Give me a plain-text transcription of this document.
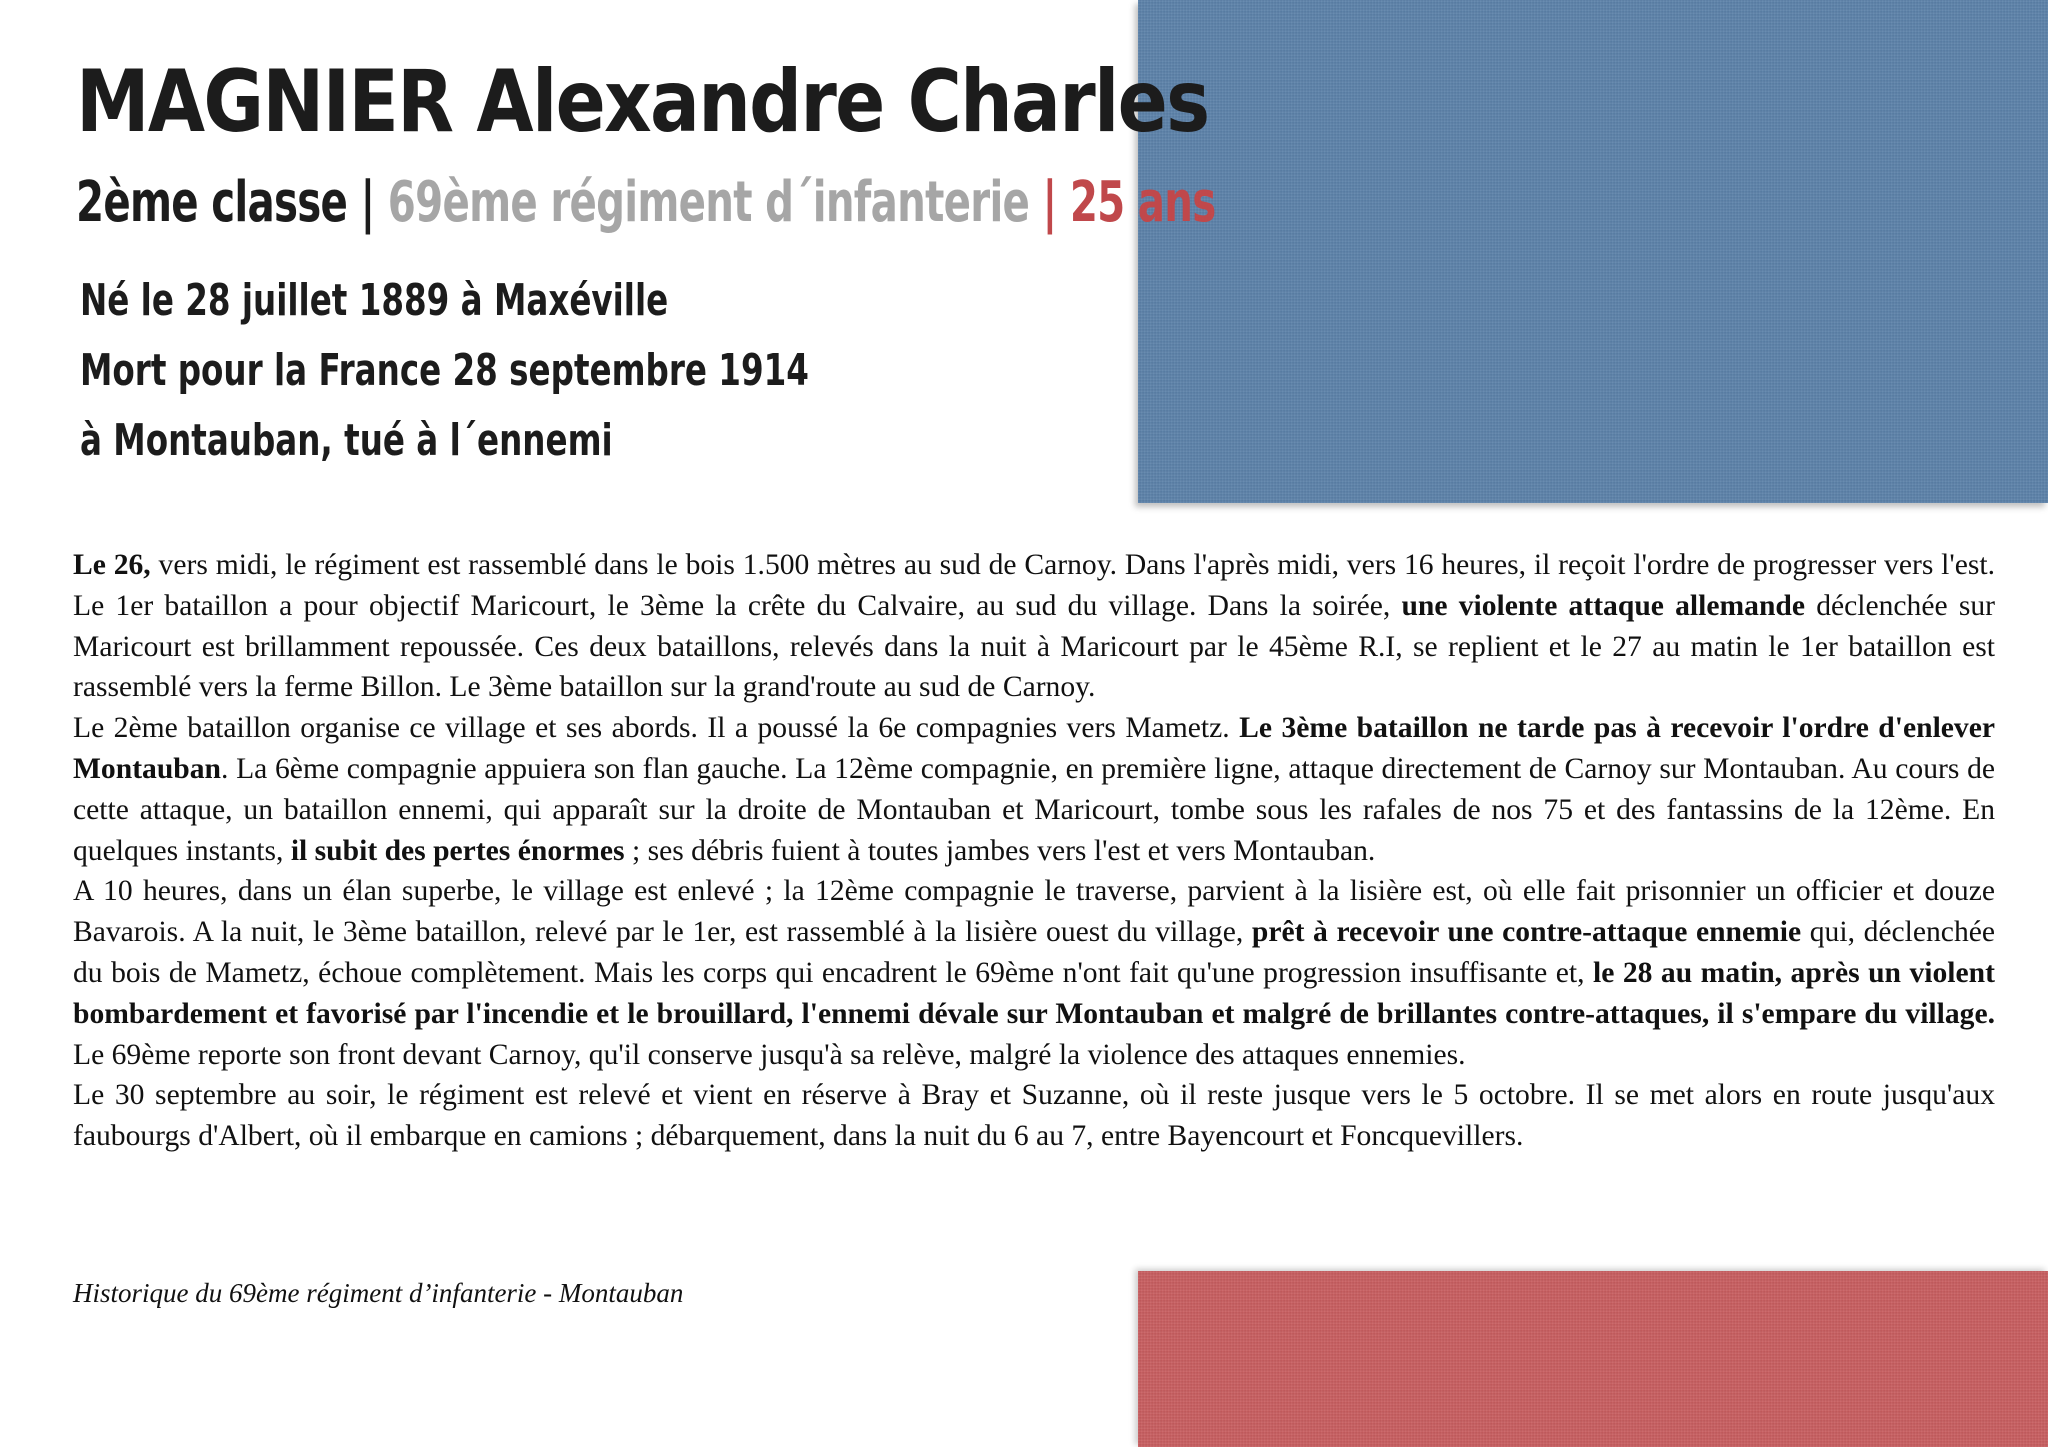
MAGNIER Alexandre Charles
2ème classe | 69ème régiment d´infanterie | 25 ans
Né le 28 juillet 1889 à Maxéville
Mort pour la France 28 septembre 1914
à Montauban, tué à l´ennemi

Le 26, vers midi, le régiment est rassemblé dans le bois 1.500 mètres au sud de Carnoy. Dans l'après midi, vers 16 heures, il reçoit l'ordre de progresser vers l'est. Le 1er bataillon a pour objectif Maricourt, le 3ème la crête du Calvaire, au sud du village. Dans la soirée, une violente attaque allemande déclenchée sur Maricourt est brillamment repoussée. Ces deux bataillons, relevés dans la nuit à Maricourt par le 45ème R.I, se replient et le 27 au matin le 1er bataillon est rassemblé vers la ferme Billon. Le 3ème bataillon sur la grand'route au sud de Carnoy.

Le 2ème bataillon organise ce village et ses abords. Il a poussé la 6e compagnies vers Mametz. Le 3ème bataillon ne tarde pas à recevoir l'ordre d'enlever Montauban. La 6ème compagnie appuiera son flan gauche. La 12ème compagnie, en première ligne, attaque directement de Carnoy sur Montauban. Au cours de cette attaque, un bataillon ennemi, qui apparaît sur la droite de Montauban et Maricourt, tombe sous les rafales de nos 75 et des fantassins de la 12ème. En quelques instants, il subit des pertes énormes ; ses débris fuient à toutes jambes vers l'est et vers Montauban.

A 10 heures, dans un élan superbe, le village est enlevé ; la 12ème compagnie le traverse, parvient à la lisière est, où elle fait prisonnier un officier et douze Bavarois. A la nuit, le 3ème bataillon, relevé par le 1er, est rassemblé à la lisière ouest du village, prêt à recevoir une contre-attaque ennemie qui, déclenchée du bois de Mametz, échoue complètement. Mais les corps qui encadrent le 69ème n'ont fait qu'une progression insuffisante et, le 28 au matin, après un violent bombardement et favorisé par l'incendie et le brouillard, l'ennemi dévale sur Montauban et malgré de brillantes contre-attaques, il s'empare du village. Le 69ème reporte son front devant Carnoy, qu'il conserve jusqu'à sa relève, malgré la violence des attaques ennemies.

Le 30 septembre au soir, le régiment est relevé et vient en réserve à Bray et Suzanne, où il reste jusque vers le 5 octobre. Il se met alors en route jusqu'aux faubourgs d'Albert, où il embarque en camions ; débarquement, dans la nuit du 6 au 7, entre Bayencourt et Foncquevillers.

Historique du 69ème régiment d’infanterie - Montauban
